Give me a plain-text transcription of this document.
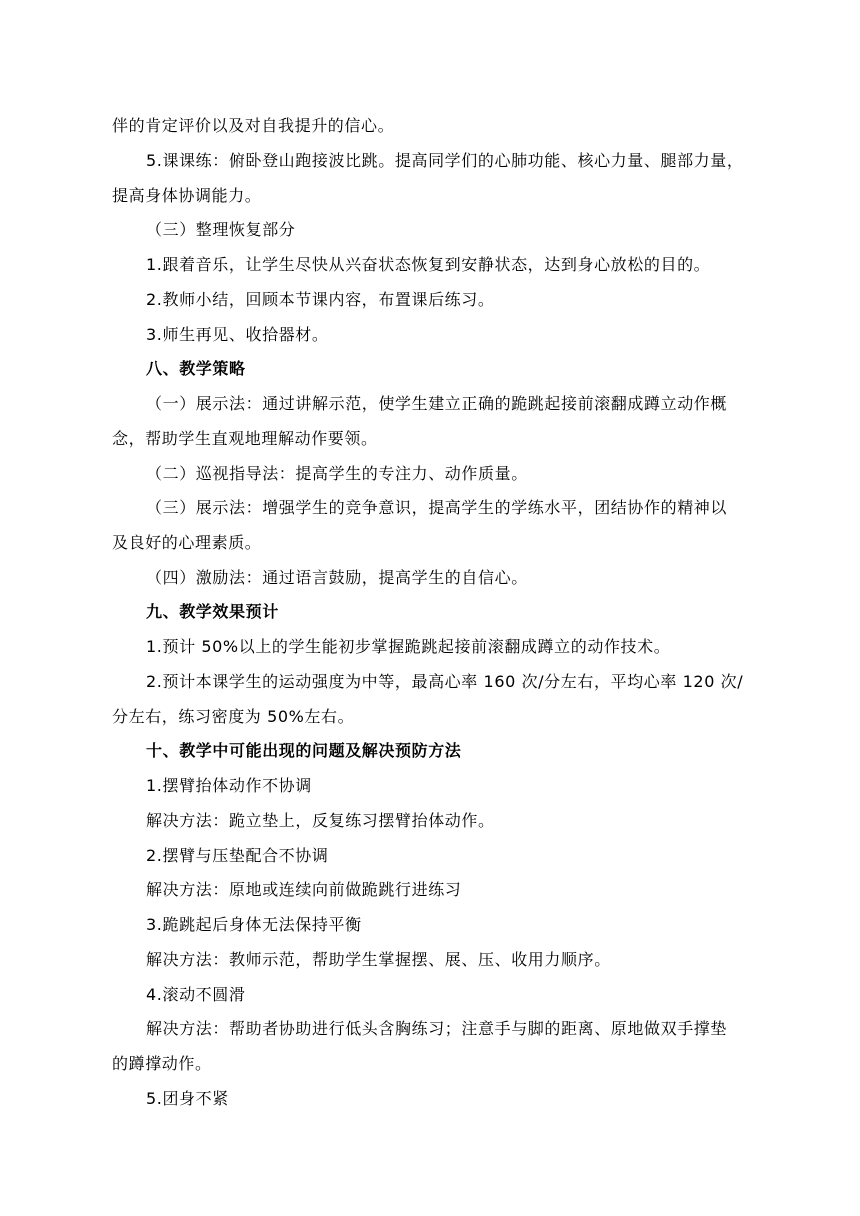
伴的肯定评价以及对自我提升的信心。
5.课课练：俯卧登山跑接波比跳。提高同学们的心肺功能、核心力量、腿部力量，
提高身体协调能力。
（三）整理恢复部分
1.跟着音乐，让学生尽快从兴奋状态恢复到安静状态，达到身心放松的目的。
2.教师小结，回顾本节课内容，布置课后练习。
3.师生再见、收拾器材。
八、教学策略
（一）展示法：通过讲解示范，使学生建立正确的跪跳起接前滚翻成蹲立动作概
念，帮助学生直观地理解动作要领。
（二）巡视指导法：提高学生的专注力、动作质量。
（三）展示法：增强学生的竞争意识，提高学生的学练水平，团结协作的精神以
及良好的心理素质。
（四）激励法：通过语言鼓励，提高学生的自信心。
九、教学效果预计
1.预计 50%以上的学生能初步掌握跪跳起接前滚翻成蹲立的动作技术。
2.预计本课学生的运动强度为中等，最高心率 160 次/分左右，平均心率 120 次/
分左右，练习密度为 50%左右。
十、教学中可能出现的问题及解决预防方法
1.摆臂抬体动作不协调
解决方法：跪立垫上，反复练习摆臂抬体动作。
2.摆臂与压垫配合不协调
解决方法：原地或连续向前做跪跳行进练习
3.跪跳起后身体无法保持平衡
解决方法：教师示范，帮助学生掌握摆、展、压、收用力顺序。
4.滚动不圆滑
解决方法：帮助者协助进行低头含胸练习；注意手与脚的距离、原地做双手撑垫
的蹲撑动作。
5.团身不紧
